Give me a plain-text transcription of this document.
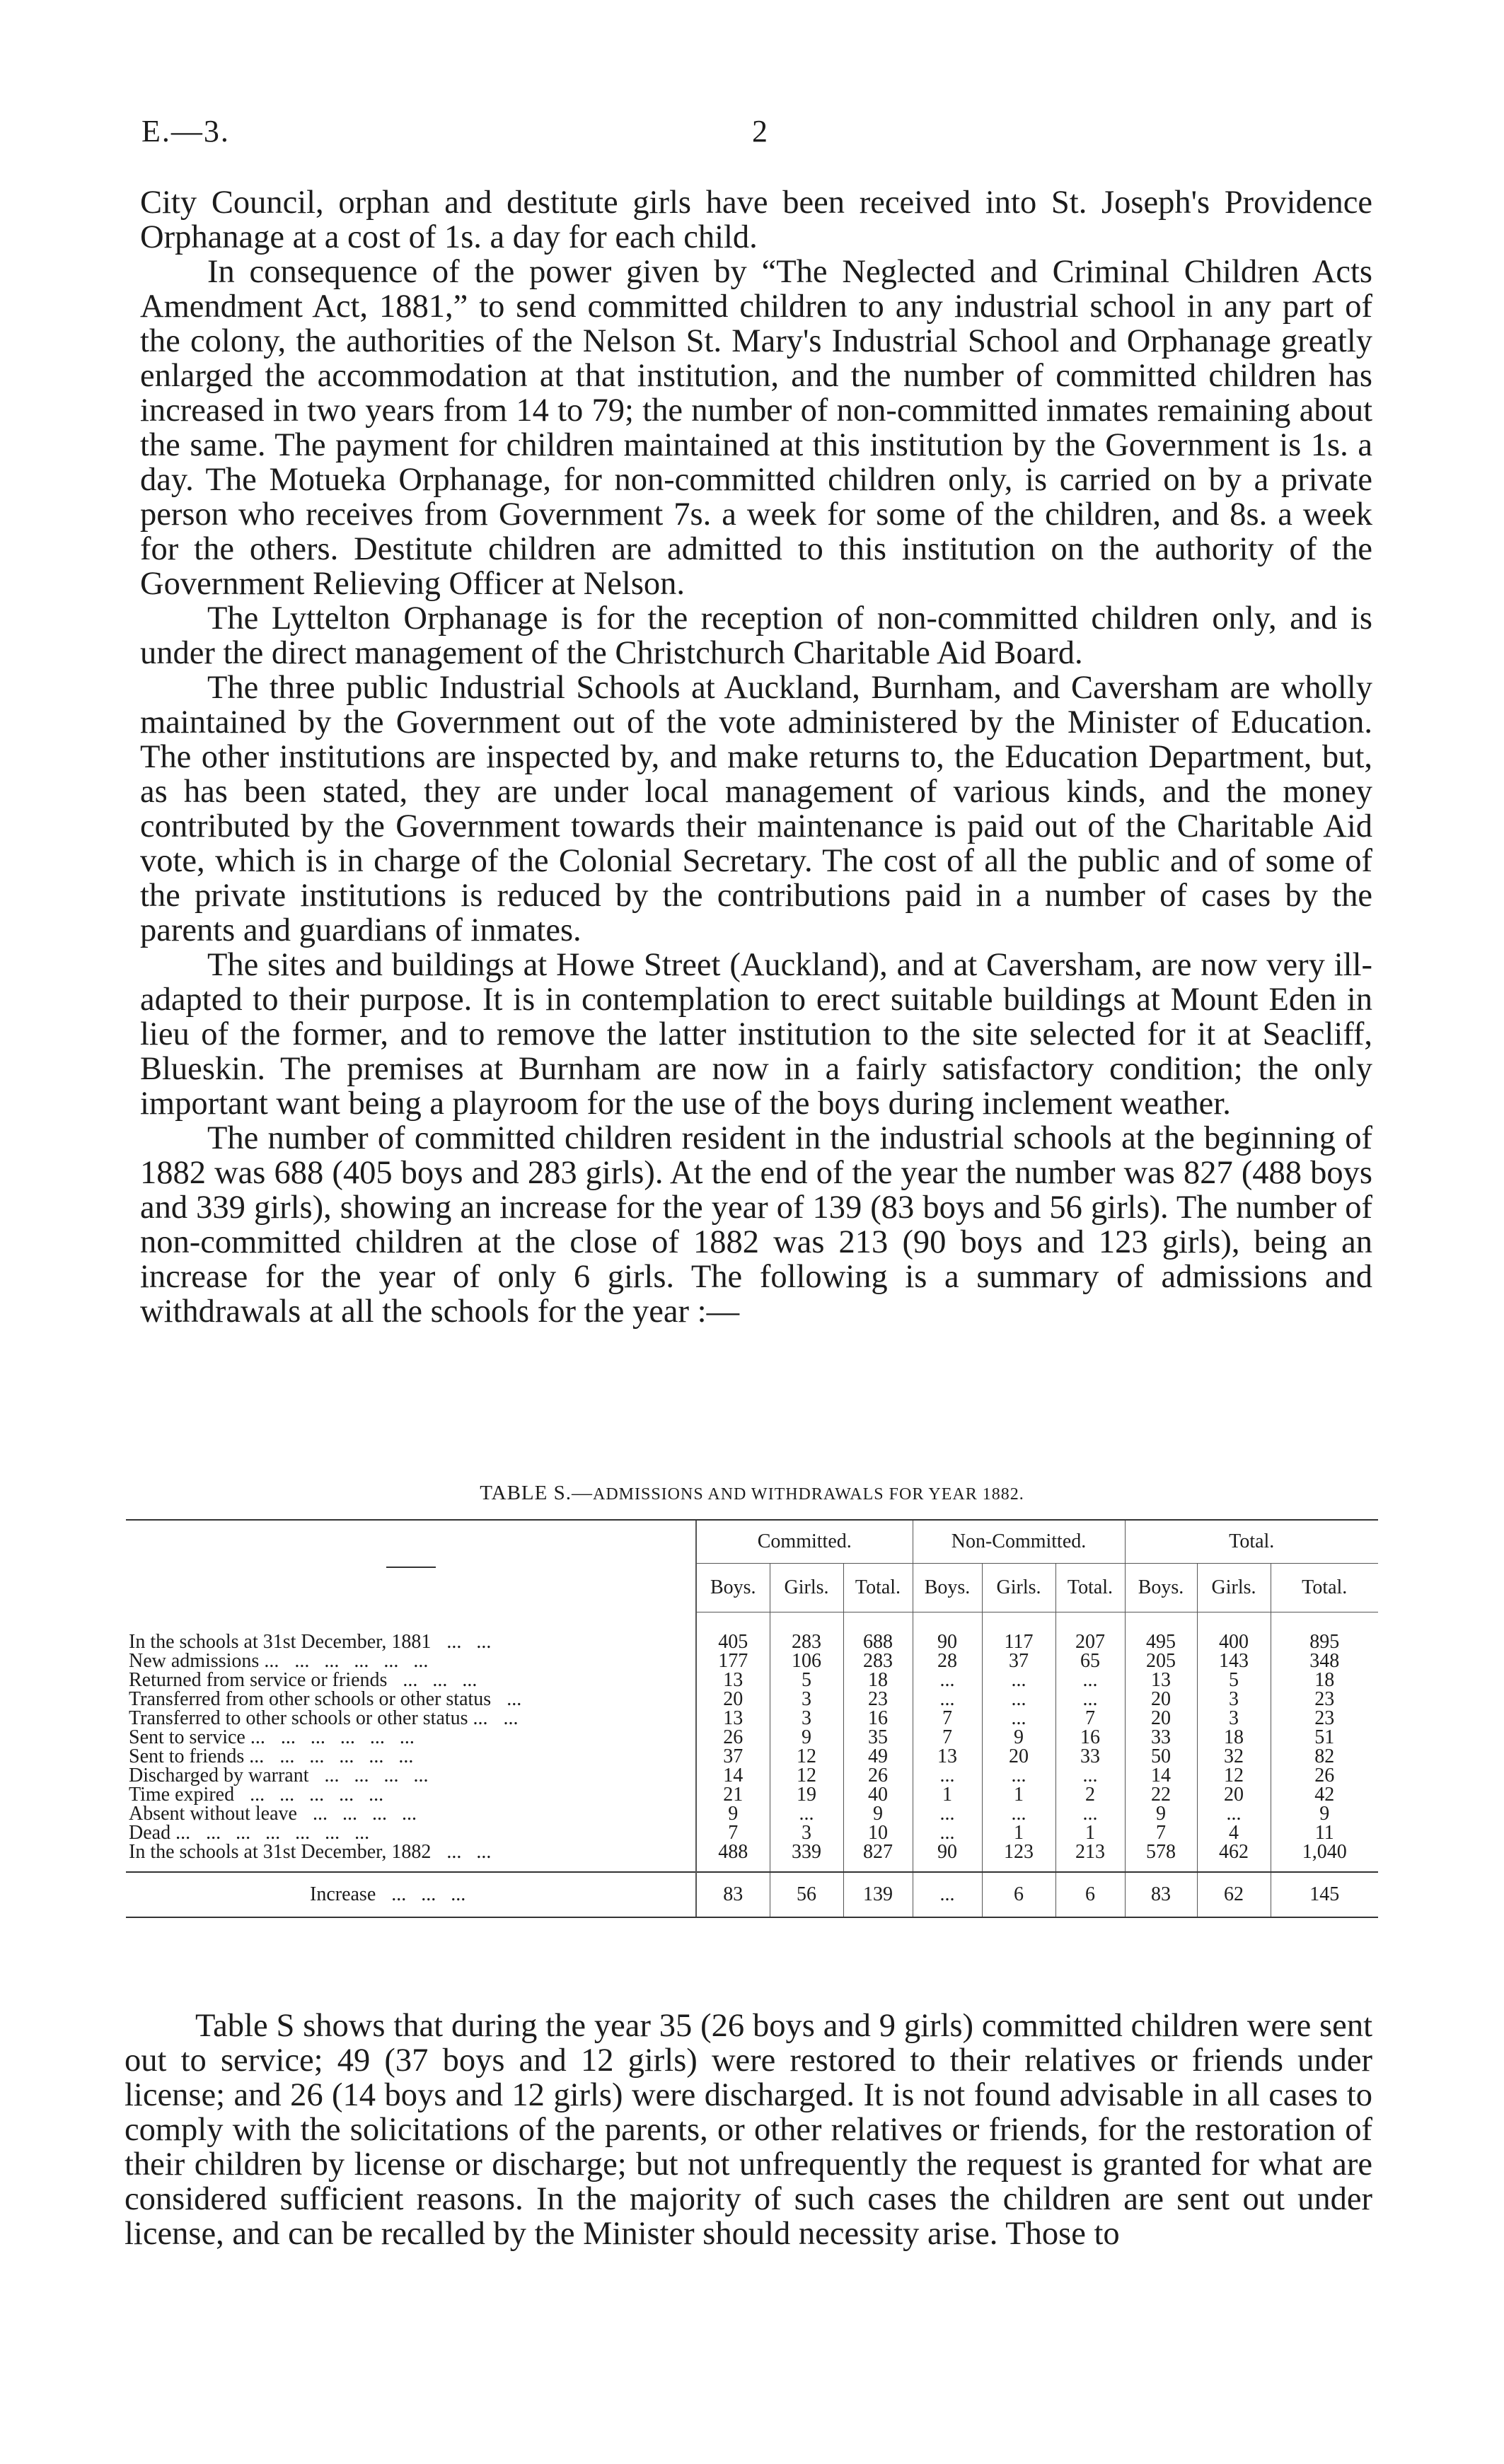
E.—3.	2

City Council, orphan and destitute girls have been received into St. Joseph's Providence Orphanage at a cost of 1s. a day for each child.

In consequence of the power given by “The Neglected and Criminal Children Acts Amendment Act, 1881,” to send committed children to any industrial school in any part of the colony, the authorities of the Nelson St. Mary's Industrial School and Orphanage greatly enlarged the accommodation at that institution, and the number of committed children has increased in two years from 14 to 79; the number of non-committed inmates remaining about the same. The payment for children maintained at this institution by the Government is 1s. a day. The Motueka Orphanage, for non-committed children only, is carried on by a private person who receives from Government 7s. a week for some of the children, and 8s. a week for the others. Destitute children are admitted to this institution on the authority of the Government Relieving Officer at Nelson.

The Lyttelton Orphanage is for the reception of non-committed children only, and is under the direct management of the Christchurch Charitable Aid Board.

The three public Industrial Schools at Auckland, Burnham, and Caversham are wholly maintained by the Government out of the vote administered by the Minister of Education. The other institutions are inspected by, and make returns to, the Education Department, but, as has been stated, they are under local management of various kinds, and the money contributed by the Government towards their maintenance is paid out of the Charitable Aid vote, which is in charge of the Colonial Secretary. The cost of all the public and of some of the private institutions is reduced by the contributions paid in a number of cases by the parents and guardians of inmates.

The sites and buildings at Howe Street (Auckland), and at Caversham, are now very ill-adapted to their purpose. It is in contemplation to erect suitable buildings at Mount Eden in lieu of the former, and to remove the latter institution to the site selected for it at Seacliff, Blueskin. The premises at Burnham are now in a fairly satisfactory condition; the only important want being a playroom for the use of the boys during inclement weather.

The number of committed children resident in the industrial schools at the beginning of 1882 was 688 (405 boys and 283 girls). At the end of the year the number was 827 (488 boys and 339 girls), showing an increase for the year of 139 (83 boys and 56 girls). The number of non-committed children at the close of 1882 was 213 (90 boys and 123 girls), being an increase for the year of only 6 girls. The following is a summary of admissions and withdrawals at all the schools for the year :—

TABLE S.—ADMISSIONS AND WITHDRAWALS FOR YEAR 1882.
	Committed.			Non-Committed.			Total.		
	Boys.	Girls.	Total.	Boys.	Girls.	Total.	Boys.	Girls.	Total.
In the schools at 31st December, 1881 ...   ...	405	283	688	90	117	207	495	400	895
New admissions ... ...   ...   ...   ...   ...	177	106	283	28	37	65	205	143	348
Returned from service or friends ...   ...   ...	13	5	18	...	...	...	13	5	18
Transferred from other schools or other status ...	20	3	23	...	...	...	20	3	23
Transferred to other schools or other status ... ...	13	3	16	7	...	7	20	3	23
Sent to service ... ...   ...   ...   ...   ...	26	9	35	7	9	16	33	18	51
Sent to friends ... ...   ...   ...   ...   ...	37	12	49	13	20	33	50	32	82
Discharged by warrant ...   ...   ...   ...	14	12	26	...	...	...	14	12	26
Time expired ...   ...   ...   ...   ...	21	19	40	1	1	2	22	20	42
Absent without leave ...   ...   ...   ...	9	...	9	...	...	...	9	...	9
Dead ... ...   ...   ...   ...   ...   ...	7	3	10	...	1	1	7	4	11
In the schools at 31st December, 1882 ...   ...	488	339	827	90	123	213	578	462	1,040
Increase ...   ...   ...	83	56	139	...	6	6	83	62	145

Table S shows that during the year 35 (26 boys and 9 girls) committed children were sent out to service; 49 (37 boys and 12 girls) were restored to their relatives or friends under license; and 26 (14 boys and 12 girls) were discharged. It is not found advisable in all cases to comply with the solicitations of the parents, or other relatives or friends, for the restoration of their children by license or discharge; but not unfrequently the request is granted for what are considered sufficient reasons. In the majority of such cases the children are sent out under license, and can be recalled by the Minister should necessity arise. Those to
